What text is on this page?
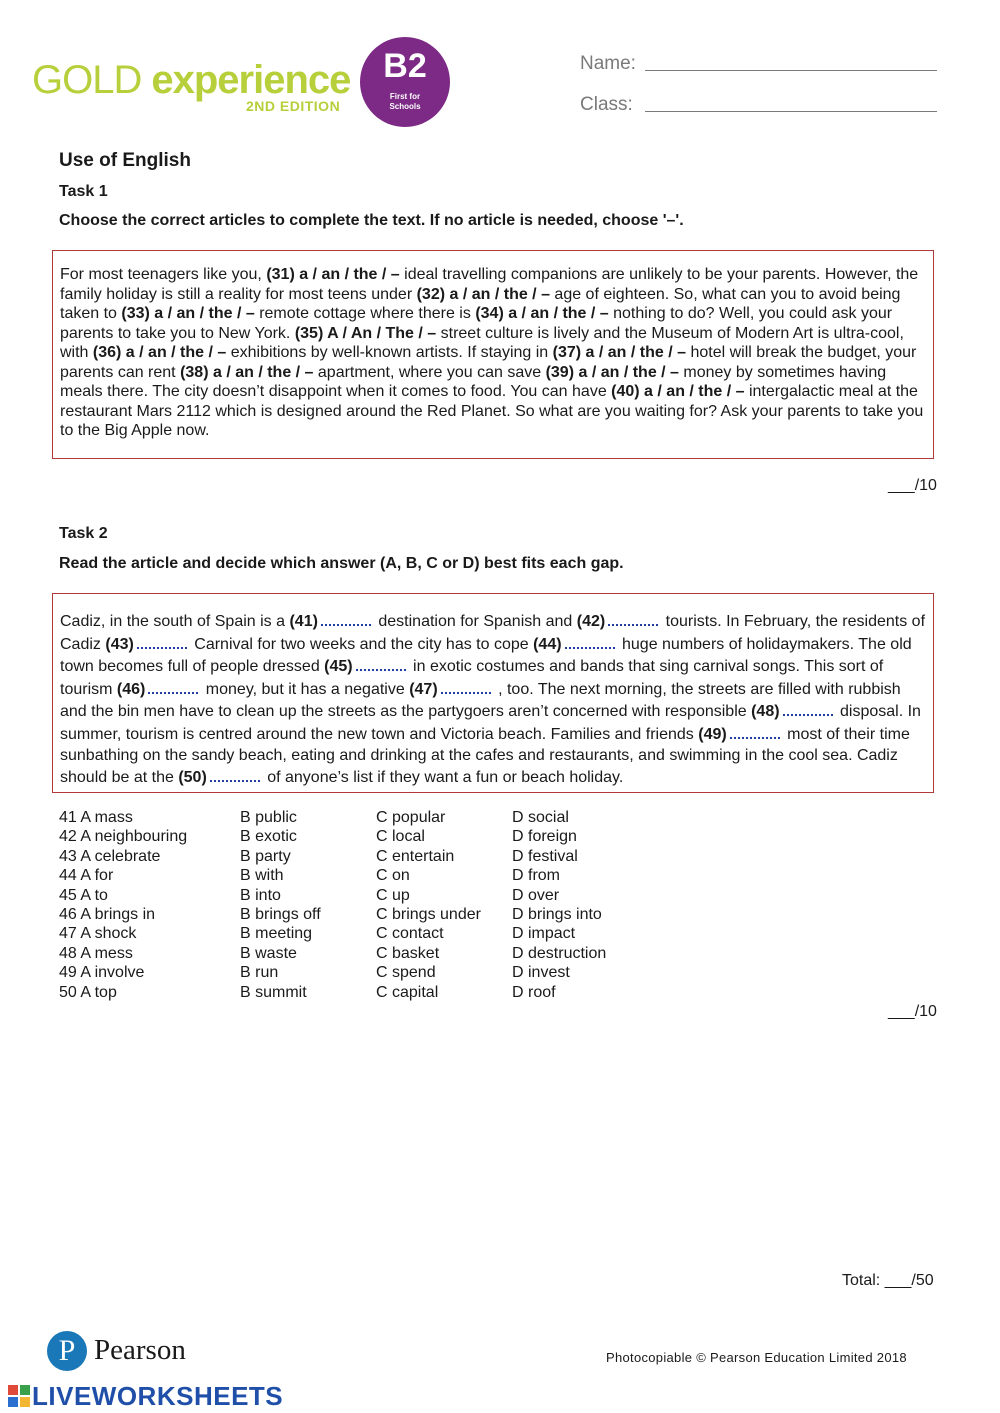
GOLD experience
2ND EDITION
B2
First for
Schools
Name:
Class:
Use of English
Task 1
Choose the correct articles to complete the text. If no article is needed, choose '–'.

For most teenagers like you, (31) a / an / the / – ideal travelling companions are unlikely to be your parents. However, the family holiday is still a reality for most teens under (32) a / an / the / – age of eighteen. So, what can you to avoid being taken to (33) a / an / the / – remote cottage where there is (34) a / an / the / – nothing to do? Well, you could ask your parents to take you to New York. (35) A / An / The / – street culture is lively and the Museum of Modern Art is ultra-cool, with (36) a / an / the / – exhibitions by well-known artists. If staying in (37) a / an / the / – hotel will break the budget, your parents can rent (38) a / an / the / – apartment, where you can save (39) a / an / the / – money by sometimes having meals there. The city doesn’t disappoint when it comes to food. You can have (40) a / an / the / – intergalactic meal at the restaurant Mars 2112 which is designed around the Red Planet. So what are you waiting for? Ask your parents to take you to the Big Apple now.

___/10
Task 2
Read the article and decide which answer (A, B, C or D) best fits each gap.

Cadiz, in the south of Spain is a (41)	destination for Spanish and (42)	tourists. In February, the residents of Cadiz (43)	Carnival for two weeks and the city has to cope (44)	huge numbers of holidaymakers. The old town becomes full of people dressed (45)	in exotic costumes and bands that sing carnival songs. This sort of tourism (46)	money, but it has a negative (47)	, too. The next morning, the streets are filled with rubbish and the bin men have to clean up the streets as the partygoers aren’t concerned with responsible (48)	disposal. In summer, tourism is centred around the new town and Victoria beach. Families and friends (49)	most of their time sunbathing on the sandy beach, eating and drinking at the cafes and restaurants, and swimming in the cool sea. Cadiz should be at the (50)	of anyone’s list if they want a fun or beach holiday.

41 A mass	B public	C popular	D social
42 A neighbouring	B exotic	C local	D foreign
43 A celebrate	B party	C entertain	D festival
44 A for	B with	C on	D from
45 A to	B into	C up	D over
46 A brings in	B brings off	C brings under D brings into
47 A shock	B meeting	C contact	D impact
48 A mess	B waste	C basket	D destruction
49 A involve	B run	C spend	D invest
50 A top	B summit	C capital	D roof
___/10
Total: ___/50
P Pearson	Photocopiable © Pearson Education Limited 2018
LIVEWORKSHEETS
